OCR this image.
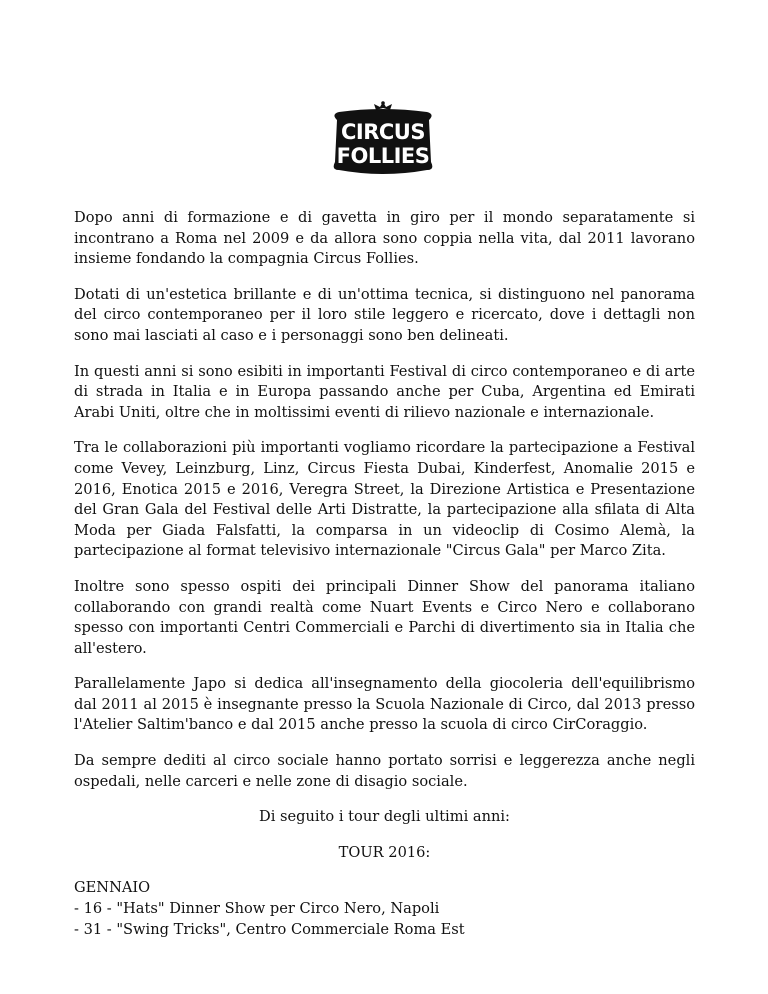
CIRCUS
FOLLIES

Dopo anni di formazione e di gavetta in giro per il mondo separatamente si incontrano a Roma nel 2009 e da allora sono coppia nella vita, dal 2011 lavorano insieme fondando la compagnia Circus Follies.

Dotati di un'estetica brillante e di un'ottima tecnica, si distinguono nel panorama del circo contemporaneo per il loro stile leggero e ricercato, dove i dettagli non sono mai lasciati al caso e i personaggi sono ben delineati.

In questi anni si sono esibiti in importanti Festival di circo contemporaneo e di arte di strada in Italia e in Europa passando anche per Cuba, Argentina ed Emirati Arabi Uniti, oltre che in moltissimi eventi di rilievo nazionale e internazionale.

Tra le collaborazioni più importanti vogliamo ricordare la partecipazione a Festival come Vevey, Leinzburg, Linz, Circus Fiesta Dubai, Kinderfest, Anomalie 2015 e 2016, Enotica 2015 e 2016, Veregra Street, la Direzione Artistica e Presentazione del Gran Gala del Festival delle Arti Distratte, la partecipazione alla sfilata di Alta Moda per Giada Falsfatti, la comparsa in un videoclip di Cosimo Alemà, la partecipazione al format televisivo internazionale "Circus Gala" per Marco Zita.

Inoltre sono spesso ospiti dei principali Dinner Show del panorama italiano collaborando con grandi realtà come Nuart Events e Circo Nero e collaborano spesso con importanti Centri Commerciali e Parchi di divertimento sia in Italia che all'estero.

Parallelamente Japo si dedica all'insegnamento della giocoleria dell'equilibrismo dal 2011 al 2015 è insegnante presso la Scuola Nazionale di Circo, dal 2013 presso l'Atelier Saltim'banco e dal 2015 anche presso la scuola di circo CirCoraggio.

Da sempre dediti al circo sociale hanno portato sorrisi e leggerezza anche negli ospedali, nelle carceri e nelle zone di disagio sociale.

Di seguito i tour degli ultimi anni:

TOUR 2016:

GENNAIO

- 16 - "Hats" Dinner Show per Circo Nero, Napoli

- 31 - "Swing Tricks", Centro Commerciale Roma Est
